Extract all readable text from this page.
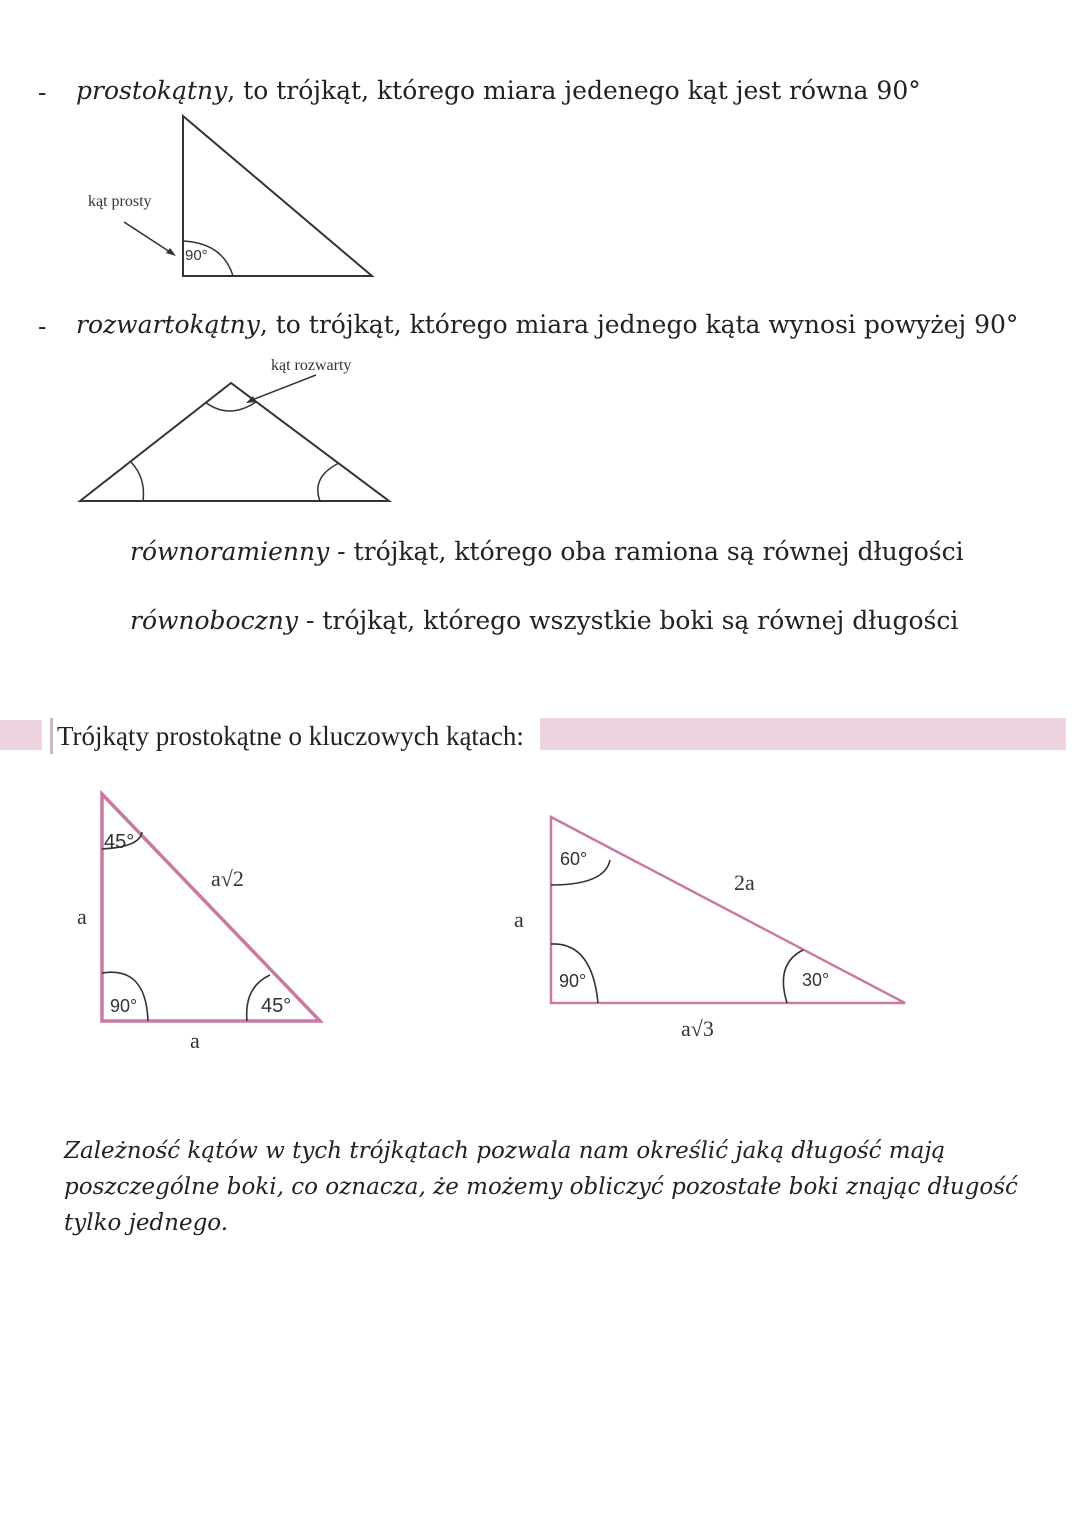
- prostokątny, to trójkąt, którego miara jedenego kąt jest równa 90°
kąt prosty
90°
- rozwartokątny, to trójkąt, którego miara jednego kąta wynosi powyżej 90°
kąt rozwarty
równoramienny - trójkąt, którego oba ramiona są równej długości
równoboczny - trójkąt, którego wszystkie boki są równej długości
Trójkąty prostokątne o kluczowych kątach:
45°
90°	45°
a√2
a
a
60°
90°	30°
2a
a
a√3
Zależność kątów w tych trójkątach pozwala nam określić jaką długość mają poszczególne boki, co oznacza, że możemy obliczyć pozostałe boki znając długość tylko jednego.
